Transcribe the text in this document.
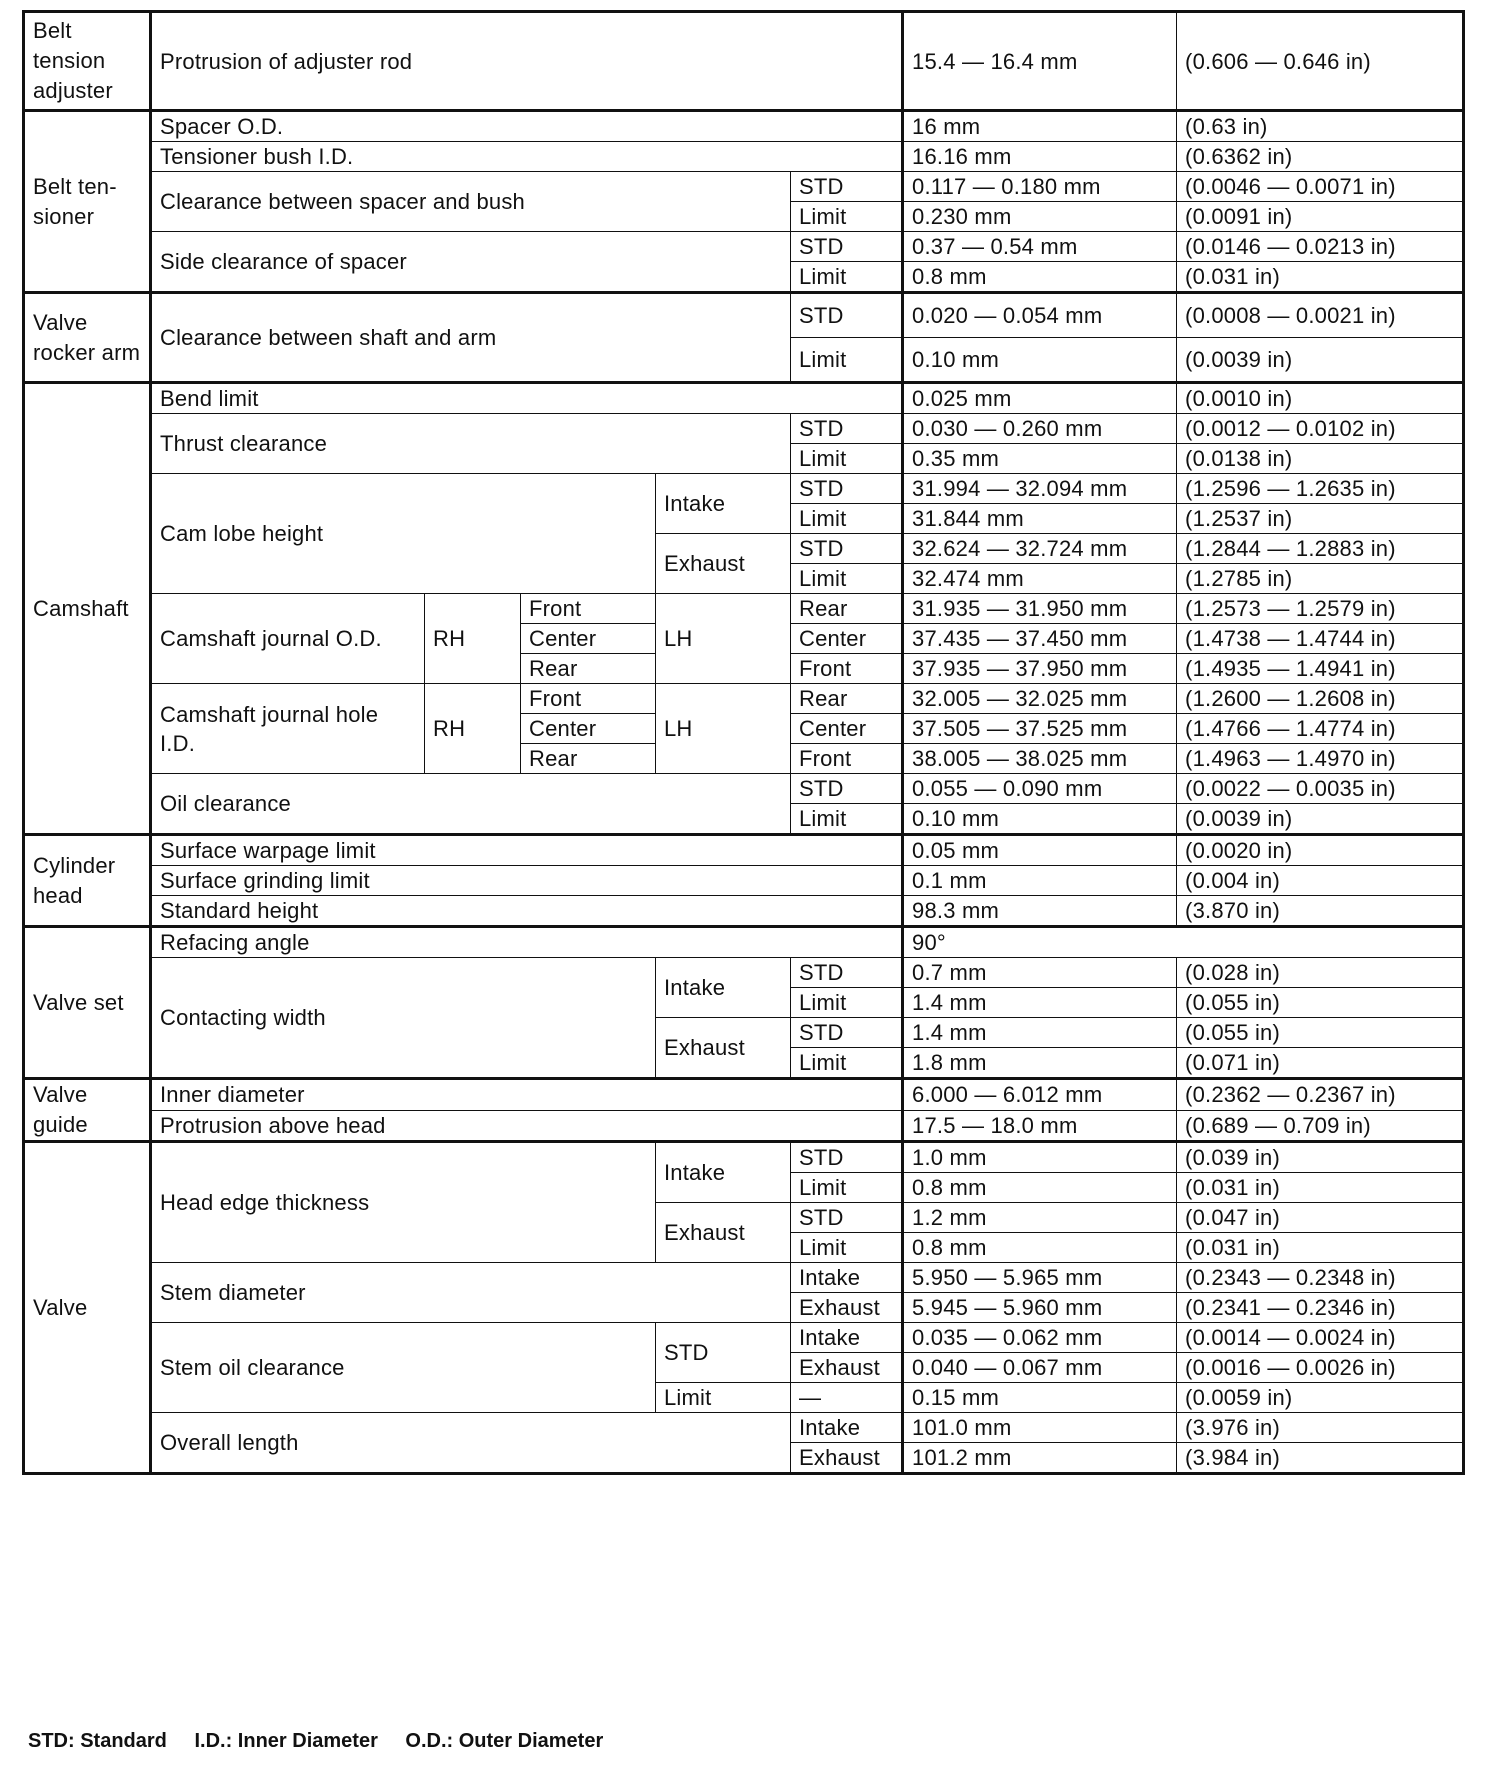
Belt tension adjuster	Protrusion of adjuster rod					15.4 — 16.4 mm	(0.606 — 0.646 in)
Belt ten-sioner	Spacer O.D.					16 mm	(0.63 in)
	Tensioner bush I.D.					16.16 mm	(0.6362 in)
	Clearance between spacer and bush				STD	0.117 — 0.180 mm	(0.0046 — 0.0071 in)
					Limit	0.230 mm	(0.0091 in)
	Side clearance of spacer				STD	0.37 — 0.54 mm	(0.0146 — 0.0213 in)
					Limit	0.8 mm	(0.031 in)
Valve rocker arm	Clearance between shaft and arm				STD	0.020 — 0.054 mm	(0.0008 — 0.0021 in)
					Limit	0.10 mm	(0.0039 in)
Camshaft	Bend limit					0.025 mm	(0.0010 in)
	Thrust clearance				STD	0.030 — 0.260 mm	(0.0012 — 0.0102 in)
					Limit	0.35 mm	(0.0138 in)
	Cam lobe height			Intake	STD	31.994 — 32.094 mm	(1.2596 — 1.2635 in)
					Limit	31.844 mm	(1.2537 in)
				Exhaust	STD	32.624 — 32.724 mm	(1.2844 — 1.2883 in)
					Limit	32.474 mm	(1.2785 in)
	Camshaft journal O.D.	RH	Front	LH	Rear	31.935 — 31.950 mm	(1.2573 — 1.2579 in)
			Center		Center	37.435 — 37.450 mm	(1.4738 — 1.4744 in)
			Rear		Front	37.935 — 37.950 mm	(1.4935 — 1.4941 in)
	Camshaft journal hole I.D.	RH	Front	LH	Rear	32.005 — 32.025 mm	(1.2600 — 1.2608 in)
			Center		Center	37.505 — 37.525 mm	(1.4766 — 1.4774 in)
			Rear		Front	38.005 — 38.025 mm	(1.4963 — 1.4970 in)
	Oil clearance				STD	0.055 — 0.090 mm	(0.0022 — 0.0035 in)
					Limit	0.10 mm	(0.0039 in)
Cylinder head	Surface warpage limit					0.05 mm	(0.0020 in)
	Surface grinding limit					0.1 mm	(0.004 in)
	Standard height					98.3 mm	(3.870 in)
Valve set	Refacing angle					90°	
	Contacting width			Intake	STD	0.7 mm	(0.028 in)
					Limit	1.4 mm	(0.055 in)
				Exhaust	STD	1.4 mm	(0.055 in)
					Limit	1.8 mm	(0.071 in)
Valve guide	Inner diameter					6.000 — 6.012 mm	(0.2362 — 0.2367 in)
	Protrusion above head					17.5 — 18.0 mm	(0.689 — 0.709 in)
Valve	Head edge thickness			Intake	STD	1.0 mm	(0.039 in)
					Limit	0.8 mm	(0.031 in)
				Exhaust	STD	1.2 mm	(0.047 in)
					Limit	0.8 mm	(0.031 in)
	Stem diameter				Intake	5.950 — 5.965 mm	(0.2343 — 0.2348 in)
					Exhaust	5.945 — 5.960 mm	(0.2341 — 0.2346 in)
	Stem oil clearance			STD	Intake	0.035 — 0.062 mm	(0.0014 — 0.0024 in)
					Exhaust	0.040 — 0.067 mm	(0.0016 — 0.0026 in)
				Limit	—	0.15 mm	(0.0059 in)
	Overall length				Intake	101.0 mm	(3.976 in)
					Exhaust	101.2 mm	(3.984 in)
STD: Standard I.D.: Inner Diameter O.D.: Outer Diameter
